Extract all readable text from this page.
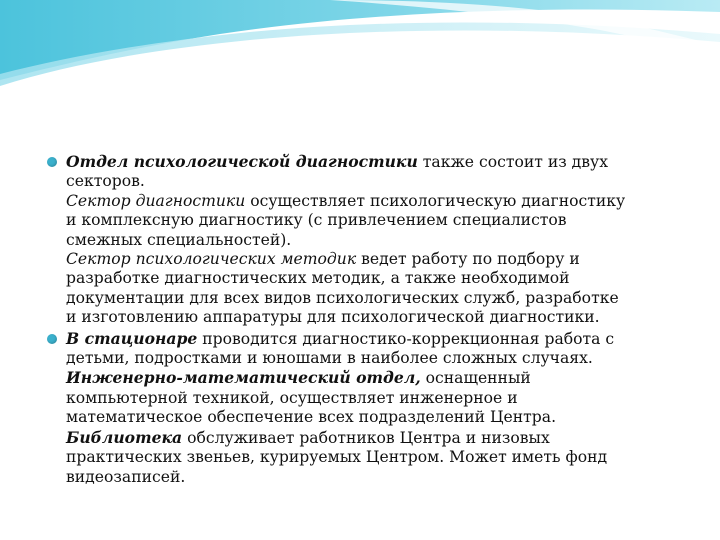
Отдел психологической диагностики также состоит из двух
секторов.
Сектор диагностики осуществляет психологическую диагностику
и комплексную диагностику (с привлечением специалистов
смежных специальностей).
Сектор психологических методик ведет работу по подбору и
разработке диагностических методик, а также необходимой
документации для всех видов психологических служб, разработке
и изготовлению аппаратуры для психологической диагностики.
В стационаре проводится диагностико-коррекционная работа с
детьми, подростками и юношами в наиболее сложных случаях.
Инженерно-математический отдел, оснащенный
компьютерной техникой, осуществляет инженерное и
математическое обеспечение всех подразделений Центра.
Библиотека обслуживает работников Центра и низовых
практических звеньев, курируемых Центром. Может иметь фонд
видеозаписей.
